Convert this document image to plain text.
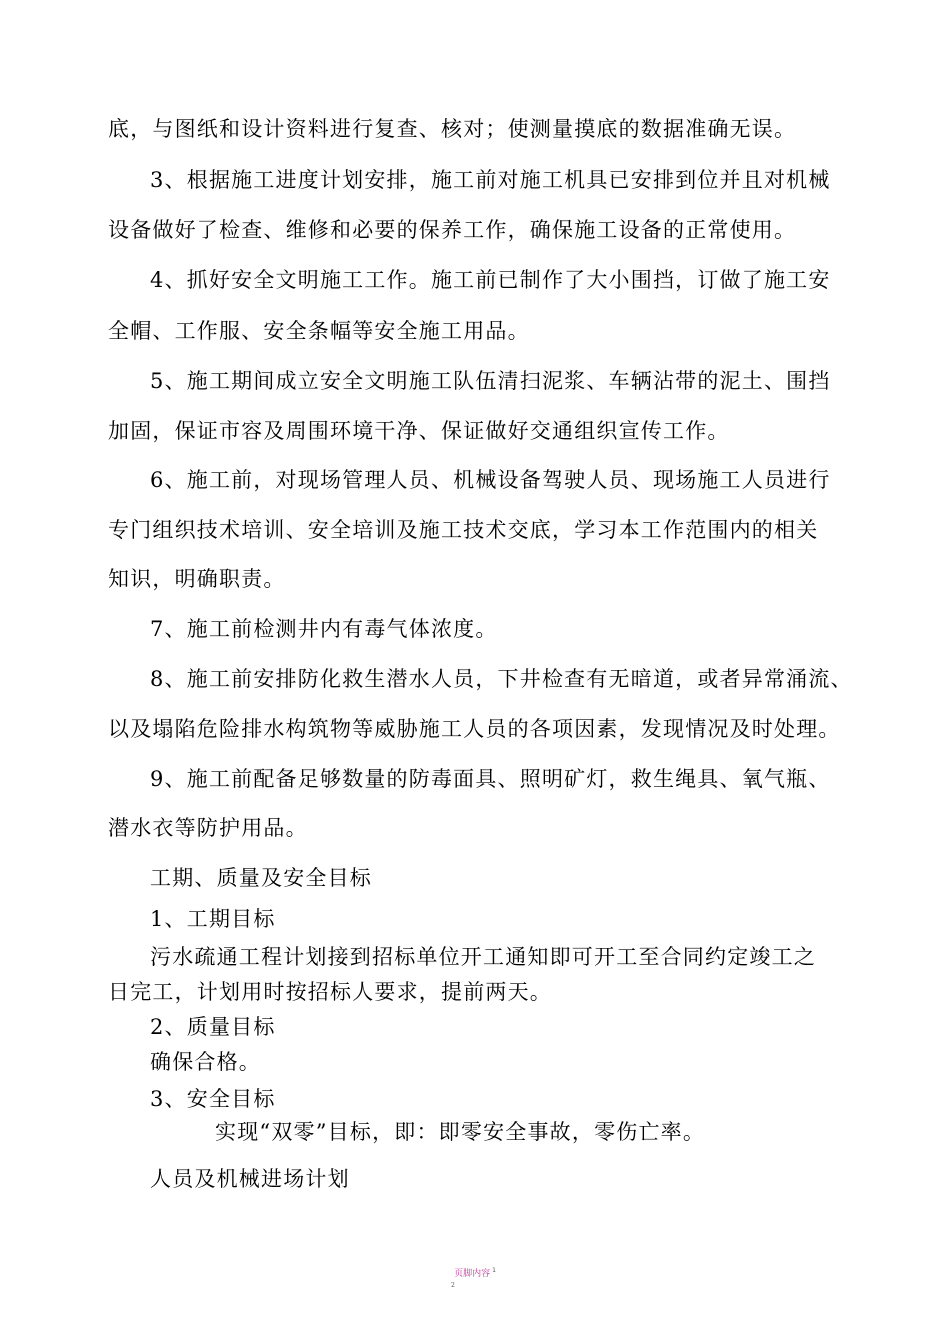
底，与图纸和设计资料进行复查、核对；使测量摸底的数据准确无误。
3、根据施工进度计划安排，施工前对施工机具已安排到位并且对机械
设备做好了检查、维修和必要的保养工作，确保施工设备的正常使用。
4、抓好安全文明施工工作。施工前已制作了大小围挡，订做了施工安
全帽、工作服、安全条幅等安全施工用品。
5、施工期间成立安全文明施工队伍清扫泥浆、车辆沾带的泥土、围挡
加固，保证市容及周围环境干净、保证做好交通组织宣传工作。
6、施工前，对现场管理人员、机械设备驾驶人员、现场施工人员进行
专门组织技术培训、安全培训及施工技术交底，学习本工作范围内的相关
知识，明确职责。
7、施工前检测井内有毒气体浓度。
8、施工前安排防化救生潜水人员，下井检查有无暗道，或者异常涌流、
以及塌陷危险排水构筑物等威胁施工人员的各项因素，发现情况及时处理。
9、施工前配备足够数量的防毒面具、照明矿灯，救生绳具、氧气瓶、
潜水衣等防护用品。
工期、质量及安全目标
1、工期目标
污水疏通工程计划接到招标单位开工通知即可开工至合同约定竣工之
日完工，计划用时按招标人要求，提前两天。
2、质量目标
确保合格。
3、安全目标
实现“双零”目标，即：即零安全事故，零伤亡率。
人员及机械进场计划
页脚内容 $^1$
2
